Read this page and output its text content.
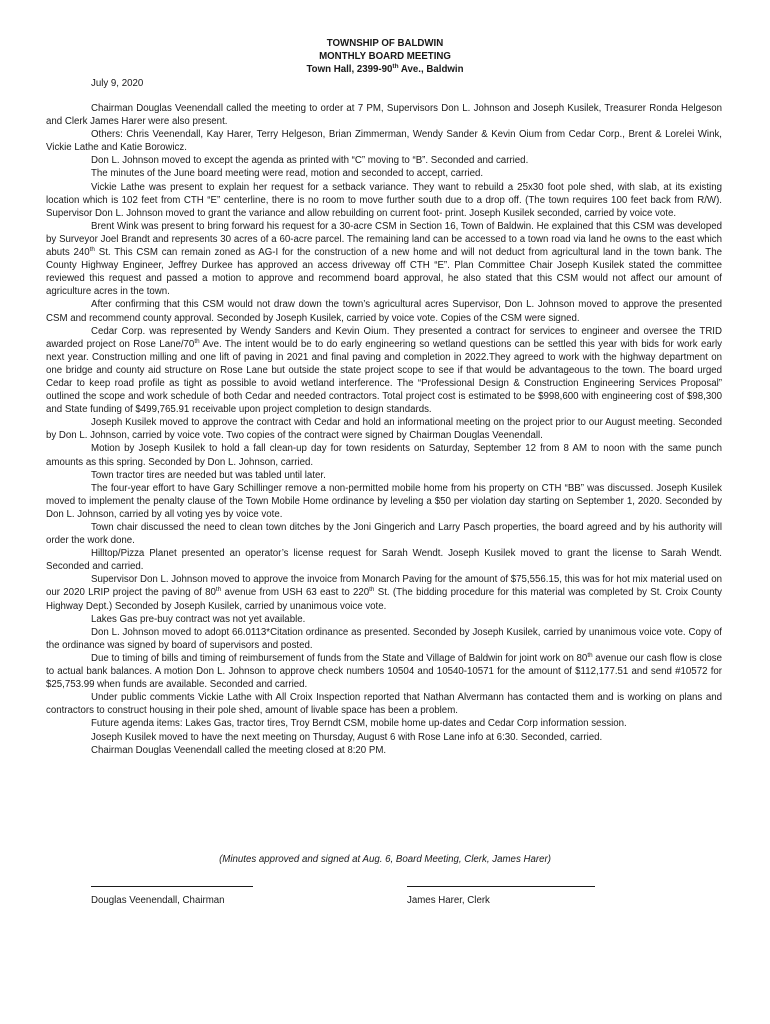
TOWNSHIP OF BALDWIN
MONTHLY BOARD MEETING
Town Hall, 2399-90th Ave., Baldwin
July 9, 2020

Chairman Douglas Veenendall called the meeting to order at 7 PM, Supervisors Don L. Johnson and Joseph Kusilek, Treasurer Ronda Helgeson and Clerk James Harer were also present.

Others: Chris Veenendall, Kay Harer, Terry Helgeson, Brian Zimmerman, Wendy Sander & Kevin Oium from Cedar Corp., Brent & Lorelei Wink, Vickie Lathe and Katie Borowicz.

Don L. Johnson moved to except the agenda as printed with “C” moving to “B”. Seconded and carried.

The minutes of the June board meeting were read, motion and seconded to accept, carried.

Vickie Lathe was present to explain her request for a setback variance. They want to rebuild a 25x30 foot pole shed, with slab, at its existing location which is 102 feet from CTH “E” centerline, there is no room to move further south due to a drop off. (The town requires 100 feet back from R/W). Supervisor Don L. Johnson moved to grant the variance and allow rebuilding on current foot- print. Joseph Kusilek seconded, carried by voice vote.

Brent Wink was present to bring forward his request for a 30-acre CSM in Section 16, Town of Baldwin. He explained that this CSM was developed by Surveyor Joel Brandt and represents 30 acres of a 60-acre parcel. The remaining land can be accessed to a town road via land he owns to the east which abuts 240th St. This CSM can remain zoned as AG-I for the construction of a new home and will not deduct from agricultural land in the town bank. The County Highway Engineer, Jeffrey Durkee has approved an access driveway off CTH “E”. Plan Committee Chair Joseph Kusilek stated the committee reviewed this request and passed a motion to approve and recommend board approval, he also stated that this CSM would not affect our amount of agriculture acres in the town.

After confirming that this CSM would not draw down the town’s agricultural acres Supervisor, Don L. Johnson moved to approve the presented CSM and recommend county approval. Seconded by Joseph Kusilek, carried by voice vote. Copies of the CSM were signed.

Cedar Corp. was represented by Wendy Sanders and Kevin Oium. They presented a contract for services to engineer and oversee the TRID awarded project on Rose Lane/70th Ave. The intent would be to do early engineering so wetland questions can be settled this year with bids for work early next year. Construction milling and one lift of paving in 2021 and final paving and completion in 2022.They agreed to work with the highway department on one bridge and county aid structure on Rose Lane but outside the state project scope to see if that would be advantageous to the town. The board urged Cedar to keep road profile as tight as possible to avoid wetland interference. The “Professional Design & Construction Engineering Services Proposal” outlined the scope and work schedule of both Cedar and needed contractors. Total project cost is estimated to be $998,600 with engineering cost of $98,300 and State funding of $499,765.91 receivable upon project completion to design standards.

Joseph Kusilek moved to approve the contract with Cedar and hold an informational meeting on the project prior to our August meeting. Seconded by Don L. Johnson, carried by voice vote. Two copies of the contract were signed by Chairman Douglas Veenendall.

Motion by Joseph Kusilek to hold a fall clean-up day for town residents on Saturday, September 12 from 8 AM to noon with the same punch amounts as this spring. Seconded by Don L. Johnson, carried.

Town tractor tires are needed but was tabled until later.

The four-year effort to have Gary Schillinger remove a non-permitted mobile home from his property on CTH “BB” was discussed. Joseph Kusilek moved to implement the penalty clause of the Town Mobile Home ordinance by leveling a $50 per violation day starting on September 1, 2020. Seconded by Don L. Johnson, carried by all voting yes by voice vote.

Town chair discussed the need to clean town ditches by the Joni Gingerich and Larry Pasch properties, the board agreed and by his authority will order the work done.

Hilltop/Pizza Planet presented an operator’s license request for Sarah Wendt. Joseph Kusilek moved to grant the license to Sarah Wendt. Seconded and carried.

Supervisor Don L. Johnson moved to approve the invoice from Monarch Paving for the amount of $75,556.15, this was for hot mix material used on our 2020 LRIP project the paving of 80th avenue from USH 63 east to 220th St. (The bidding procedure for this material was completed by St. Croix County Highway Dept.) Seconded by Joseph Kusilek, carried by unanimous voice vote.

Lakes Gas pre-buy contract was not yet available.

Don L. Johnson moved to adopt 66.0113*Citation ordinance as presented. Seconded by Joseph Kusilek, carried by unanimous voice vote. Copy of the ordinance was signed by board of supervisors and posted.

Due to timing of bills and timing of reimbursement of funds from the State and Village of Baldwin for joint work on 80th avenue our cash flow is close to actual bank balances. A motion Don L. Johnson to approve check numbers 10504 and 10540-10571 for the amount of $112,177.51 and send #10572 for $25,753.99 when funds are available. Seconded and carried.

Under public comments Vickie Lathe with All Croix Inspection reported that Nathan Alvermann has contacted them and is working on plans and contractors to construct housing in their pole shed, amount of livable space has been a problem.

Future agenda items: Lakes Gas, tractor tires, Troy Berndt CSM, mobile home up-dates and Cedar Corp information session.

Joseph Kusilek moved to have the next meeting on Thursday, August 6 with Rose Lane info at 6:30. Seconded, carried.

Chairman Douglas Veenendall called the meeting closed at 8:20 PM.

(Minutes approved and signed at Aug. 6, Board Meeting, Clerk, James Harer)
Douglas Veenendall, Chairman	James Harer, Clerk
